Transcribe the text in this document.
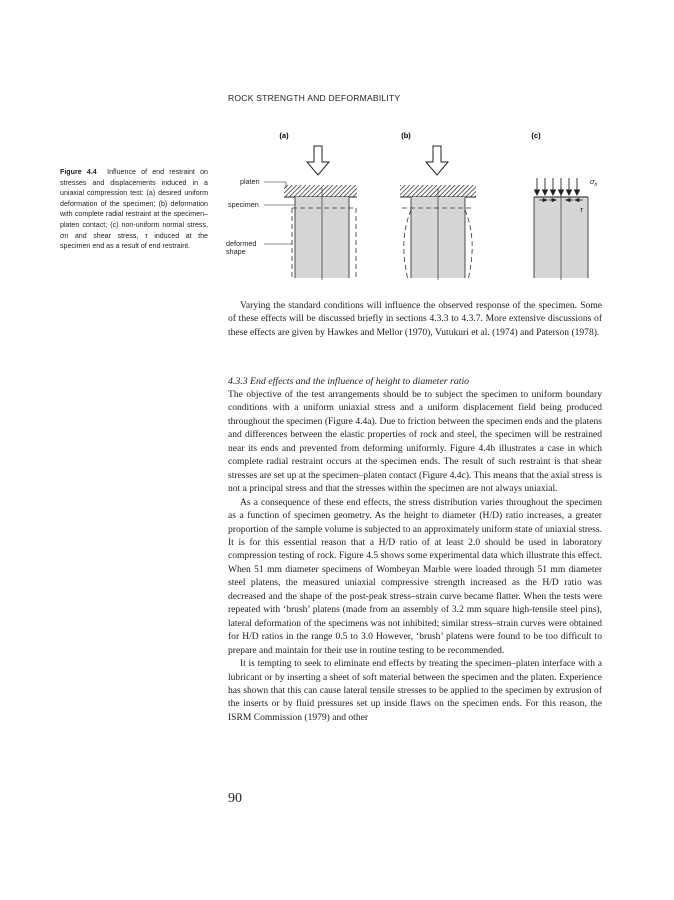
ROCK STRENGTH AND DEFORMABILITY
Figure 4.4 Influence of end restraint on stresses and displacements induced in a uniaxial compression test: (a) desired uniform deformation of the specimen; (b) deformation with complete radial restraint at the specimen–platen contact; (c) non-uniform normal stress, σn and shear stress, τ induced at the specimen end as a result of end restraint.
(a)	(b)	(c)
platen
specimen
deformed
shape
$\sigma_n$
τ

Varying the standard conditions will influence the observed response of the specimen. Some of these effects will be discussed briefly in sections 4.3.3 to 4.3.7. More extensive discussions of these effects are given by Hawkes and Mellor (1970), Vutukuri et al. (1974) and Paterson (1978).

4.3.3 End effects and the influence of height to diameter ratio

The objective of the test arrangements should be to subject the specimen to uniform boundary conditions with a uniform uniaxial stress and a uniform displacement field being produced throughout the specimen (Figure 4.4a). Due to friction between the specimen ends and the platens and differences between the elastic properties of rock and steel, the specimen will be restrained near its ends and prevented from deforming uniformly. Figure 4.4b illustrates a case in which complete radial restraint occurs at the specimen ends. The result of such restraint is that shear stresses are set up at the specimen–platen contact (Figure 4.4c). This means that the axial stress is not a principal stress and that the stresses within the specimen are not always uniaxial.

As a consequence of these end effects, the stress distribution varies throughout the specimen as a function of specimen geometry. As the height to diameter (H/D) ratio increases, a greater proportion of the sample volume is subjected to an approximately uniform state of uniaxial stress. It is for this essential reason that a H/D ratio of at least 2.0 should be used in laboratory compression testing of rock. Figure 4.5 shows some experimental data which illustrate this effect. When 51 mm diameter specimens of Wombeyan Marble were loaded through 51 mm diameter steel platens, the measured uniaxial compressive strength increased as the H/D ratio was decreased and the shape of the post-peak stress–strain curve became flatter. When the tests were repeated with ‘brush’ platens (made from an assembly of 3.2 mm square high-tensile steel pins), lateral deformation of the specimens was not inhibited; similar stress–strain curves were obtained for H/D ratios in the range 0.5 to 3.0 However, ‘brush’ platens were found to be too difficult to prepare and maintain for their use in routine testing to be recommended.

It is tempting to seek to eliminate end effects by treating the specimen–platen interface with a lubricant or by inserting a sheet of soft material between the specimen and the platen. Experience has shown that this can cause lateral tensile stresses to be applied to the specimen by extrusion of the inserts or by fluid pressures set up inside flaws on the specimen ends. For this reason, the ISRM Commission (1979) and other

90
